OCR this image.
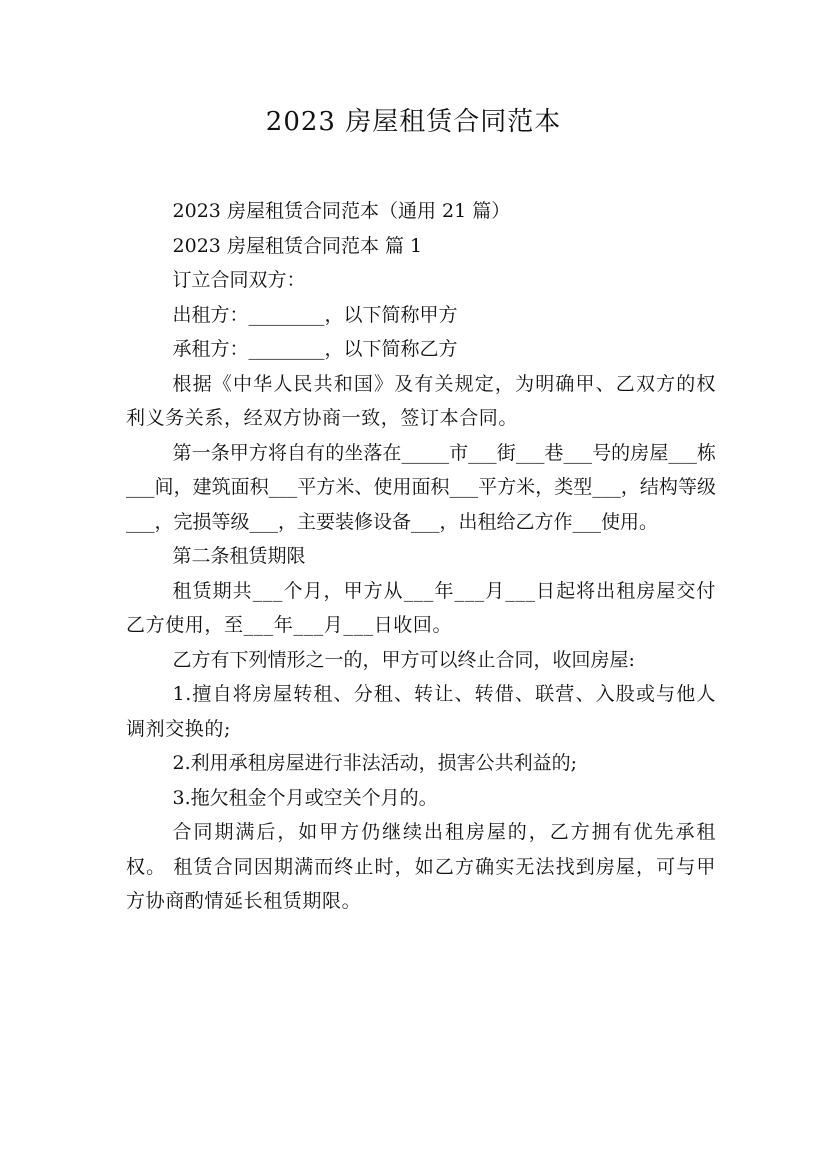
2023 房屋租赁合同范本

2023 房屋租赁合同范本（通用 21 篇）

2023 房屋租赁合同范本 篇 1

订立合同双方：

出租方：________，以下简称甲方

承租方：________，以下简称乙方

根据《中华人民共和国》及有关规定，为明确甲、乙双方的权利义务关系，经双方协商一致，签订本合同。

第一条甲方将自有的坐落在_____市___街___巷___号的房屋___栋___间，建筑面积___平方米、使用面积___平方米，类型___，结构等级___，完损等级___，主要装修设备___，出租给乙方作___使用。

第二条租赁期限

租赁期共___个月，甲方从___年___月___日起将出租房屋交付乙方使用，至___年___月___日收回。

乙方有下列情形之一的，甲方可以终止合同，收回房屋:

1.擅自将房屋转租、分租、转让、转借、联营、入股或与他人调剂交换的;

2.利用承租房屋进行非法活动，损害公共利益的;

3.拖欠租金个月或空关个月的。

合同期满后，如甲方仍继续出租房屋的，乙方拥有优先承租权。 租赁合同因期满而终止时，如乙方确实无法找到房屋，可与甲方协商酌情延长租赁期限。
